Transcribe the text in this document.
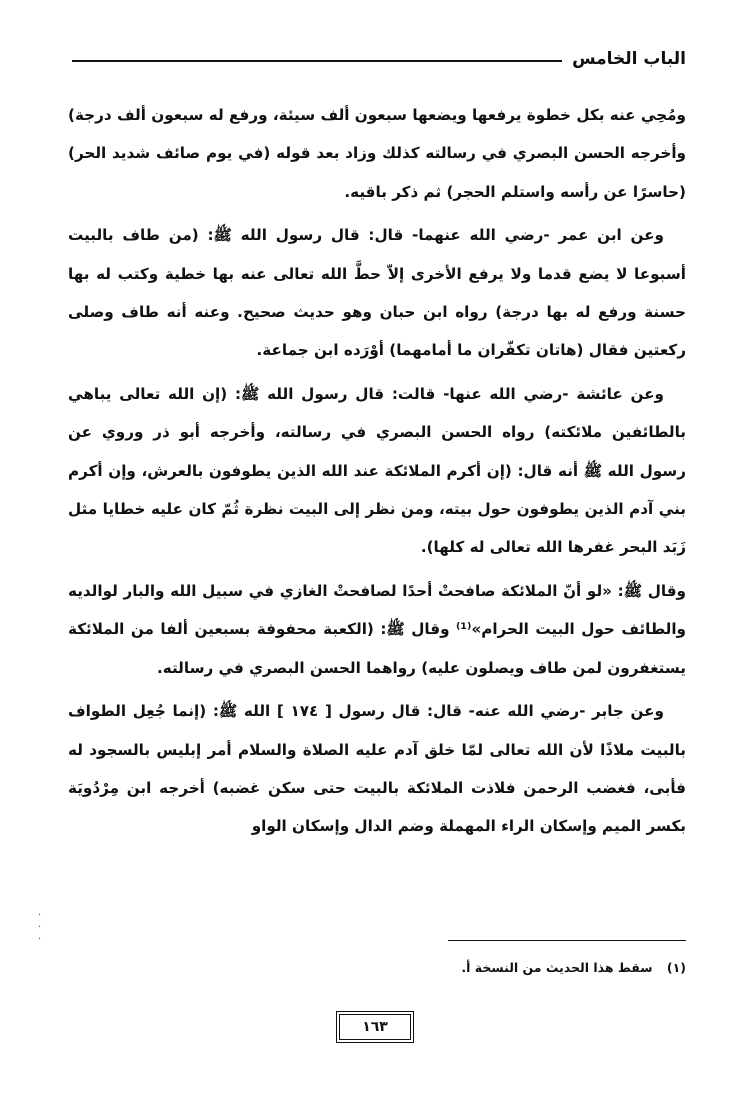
الباب الخامس

ومُحِي عنه بكل خطوة يرفعها ويضعها سبعون ألف سيئة، ورفع له سبعون ألف درجة) وأخرجه الحسن البصري في رسالته كذلك وزاد بعد قوله (في يوم صائف شديد الحر) (حاسرًا عن رأسه واستلم الحجر) ثم ذكر باقيه.

وعن ابن عمر -رضي الله عنهما- قال: قال رسول الله ﷺ: (من طاف بالبيت أسبوعا لا يضع قدما ولا يرفع الأخرى إلاّ حطَّ الله تعالى عنه بها خطية وكتب له بها حسنة ورفع له بها درجة) رواه ابن حبان وهو حديث صحيح. وعنه أنه طاف وصلى ركعتين فقال (هاتان تكفّران ما أمامهما) أوْرَده ابن جماعة.

وعن عائشة -رضي الله عنها- قالت: قال رسول الله ﷺ: (إن الله تعالى يباهي بالطائفين ملائكته) رواه الحسن البصري في رسالته، وأخرجه أبو ذر وروي عن رسول الله ﷺ أنه قال: (إن أكرم الملائكة عند الله الذين يطوفون بالعرش، وإن أكرم بني آدم الذين يطوفون حول بيته، ومن نظر إلى البيت نظرة ثُمّ كان عليه خطايا مثل زَبَد البحر غفرها الله تعالى له كلها).

وقال ﷺ: «لو أنّ الملائكة صافحتْ أحدًا لصافحتْ الغازي في سبيل الله والبار لوالديه والطائف حول البيت الحرام»⁽¹⁾ وقال ﷺ: (الكعبة محفوفة بسبعين ألفا من الملائكة يستغفرون لمن طاف ويصلون عليه) رواهما الحسن البصري في رسالته.

وعن جابر -رضي الله عنه- قال: قال رسول [ ١٧٤ ] الله ﷺ: (إنما جُعِل الطواف بالبيت ملاذًا لأن الله تعالى لمّا خلق آدم عليه الصلاة والسلام أمر إبليس بالسجود له فأبى، فغضب الرحمن فلاذت الملائكة بالبيت حتى سكن غضبه) أخرجه ابن مِرْدُويَة بكسر الميم وإسكان الراء المهملة وضم الدال وإسكان الواو

(١) سقط هذا الحديث من النسخة أ.
١٦٣
·
·
·
